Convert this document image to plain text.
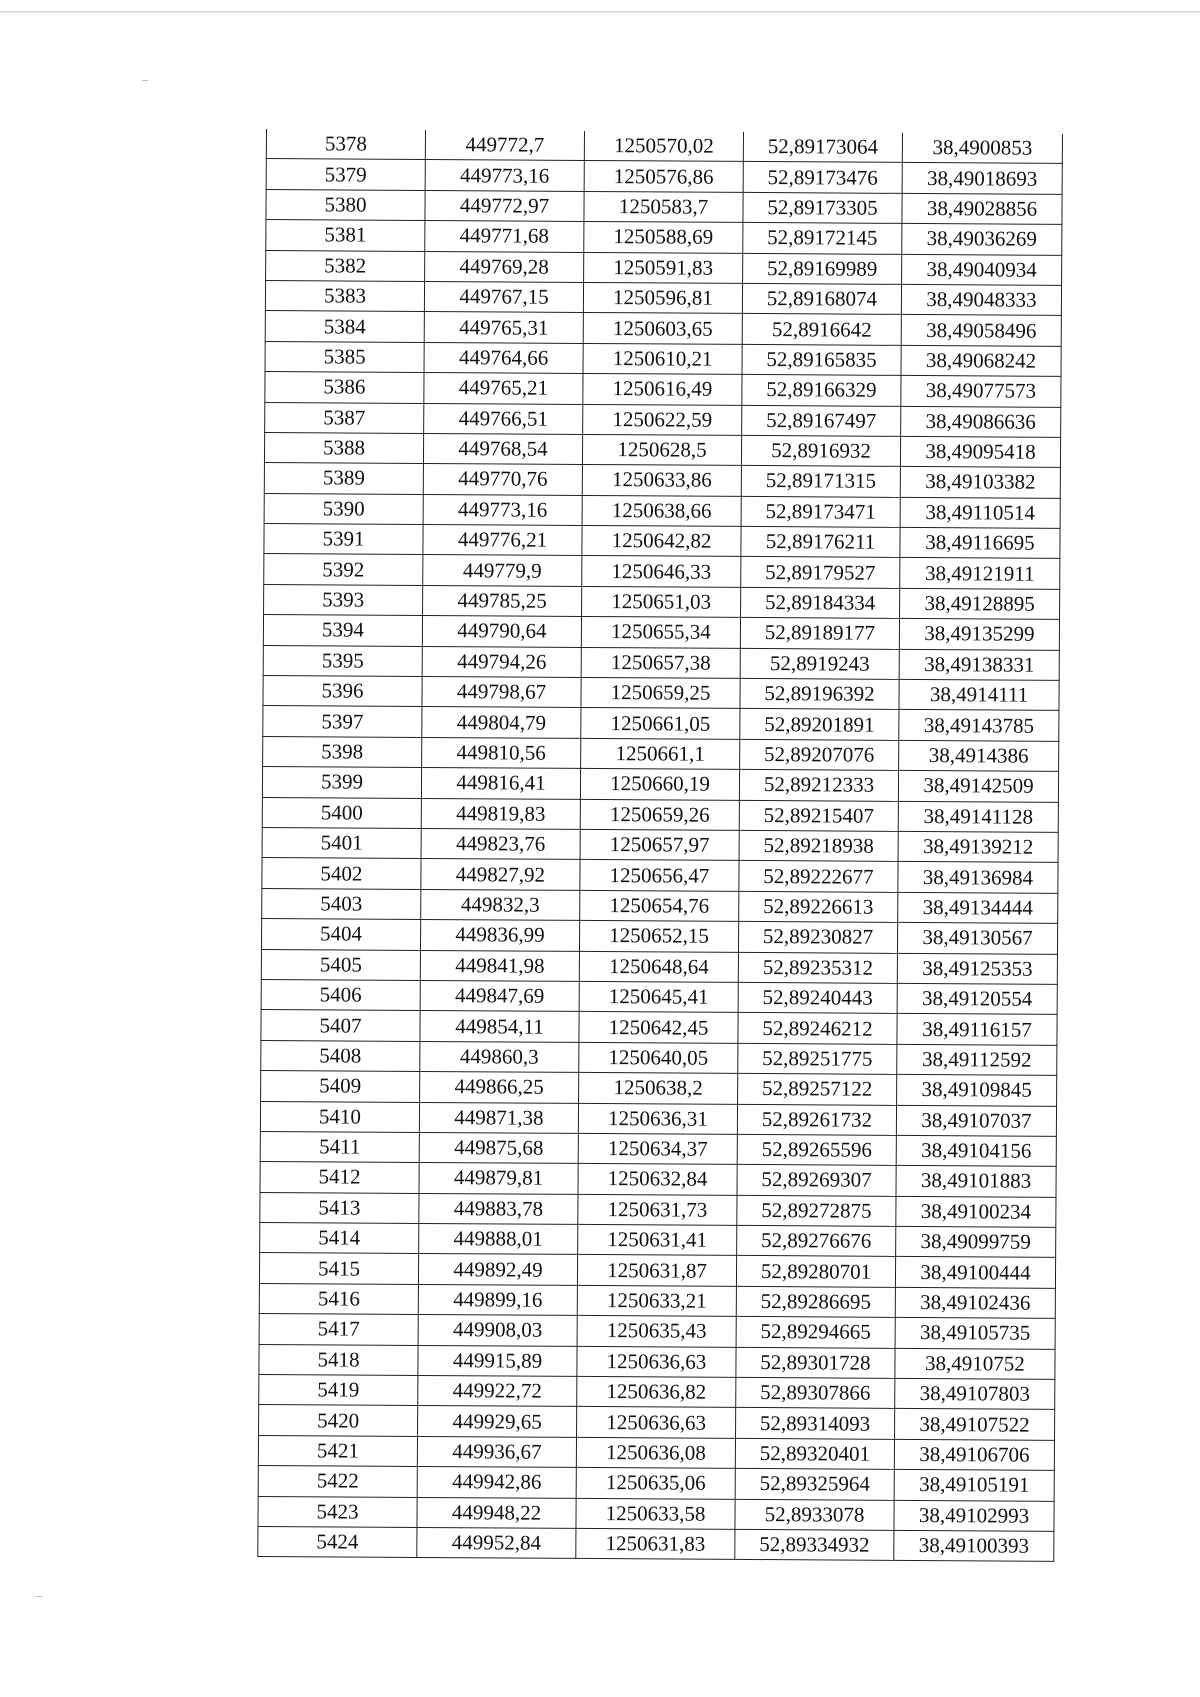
5378	449772,7	1250570,02	52,89173064	38,4900853
5379	449773,16	1250576,86	52,89173476	38,49018693
5380	449772,97	1250583,7	52,89173305	38,49028856
5381	449771,68	1250588,69	52,89172145	38,49036269
5382	449769,28	1250591,83	52,89169989	38,49040934
5383	449767,15	1250596,81	52,89168074	38,49048333
5384	449765,31	1250603,65	52,8916642	38,49058496
5385	449764,66	1250610,21	52,89165835	38,49068242
5386	449765,21	1250616,49	52,89166329	38,49077573
5387	449766,51	1250622,59	52,89167497	38,49086636
5388	449768,54	1250628,5	52,8916932	38,49095418
5389	449770,76	1250633,86	52,89171315	38,49103382
5390	449773,16	1250638,66	52,89173471	38,49110514
5391	449776,21	1250642,82	52,89176211	38,49116695
5392	449779,9	1250646,33	52,89179527	38,49121911
5393	449785,25	1250651,03	52,89184334	38,49128895
5394	449790,64	1250655,34	52,89189177	38,49135299
5395	449794,26	1250657,38	52,8919243	38,49138331
5396	449798,67	1250659,25	52,89196392	38,4914111
5397	449804,79	1250661,05	52,89201891	38,49143785
5398	449810,56	1250661,1	52,89207076	38,4914386
5399	449816,41	1250660,19	52,89212333	38,49142509
5400	449819,83	1250659,26	52,89215407	38,49141128
5401	449823,76	1250657,97	52,89218938	38,49139212
5402	449827,92	1250656,47	52,89222677	38,49136984
5403	449832,3	1250654,76	52,89226613	38,49134444
5404	449836,99	1250652,15	52,89230827	38,49130567
5405	449841,98	1250648,64	52,89235312	38,49125353
5406	449847,69	1250645,41	52,89240443	38,49120554
5407	449854,11	1250642,45	52,89246212	38,49116157
5408	449860,3	1250640,05	52,89251775	38,49112592
5409	449866,25	1250638,2	52,89257122	38,49109845
5410	449871,38	1250636,31	52,89261732	38,49107037
5411	449875,68	1250634,37	52,89265596	38,49104156
5412	449879,81	1250632,84	52,89269307	38,49101883
5413	449883,78	1250631,73	52,89272875	38,49100234
5414	449888,01	1250631,41	52,89276676	38,49099759
5415	449892,49	1250631,87	52,89280701	38,49100444
5416	449899,16	1250633,21	52,89286695	38,49102436
5417	449908,03	1250635,43	52,89294665	38,49105735
5418	449915,89	1250636,63	52,89301728	38,4910752
5419	449922,72	1250636,82	52,89307866	38,49107803
5420	449929,65	1250636,63	52,89314093	38,49107522
5421	449936,67	1250636,08	52,89320401	38,49106706
5422	449942,86	1250635,06	52,89325964	38,49105191
5423	449948,22	1250633,58	52,8933078	38,49102993
5424	449952,84	1250631,83	52,89334932	38,49100393
